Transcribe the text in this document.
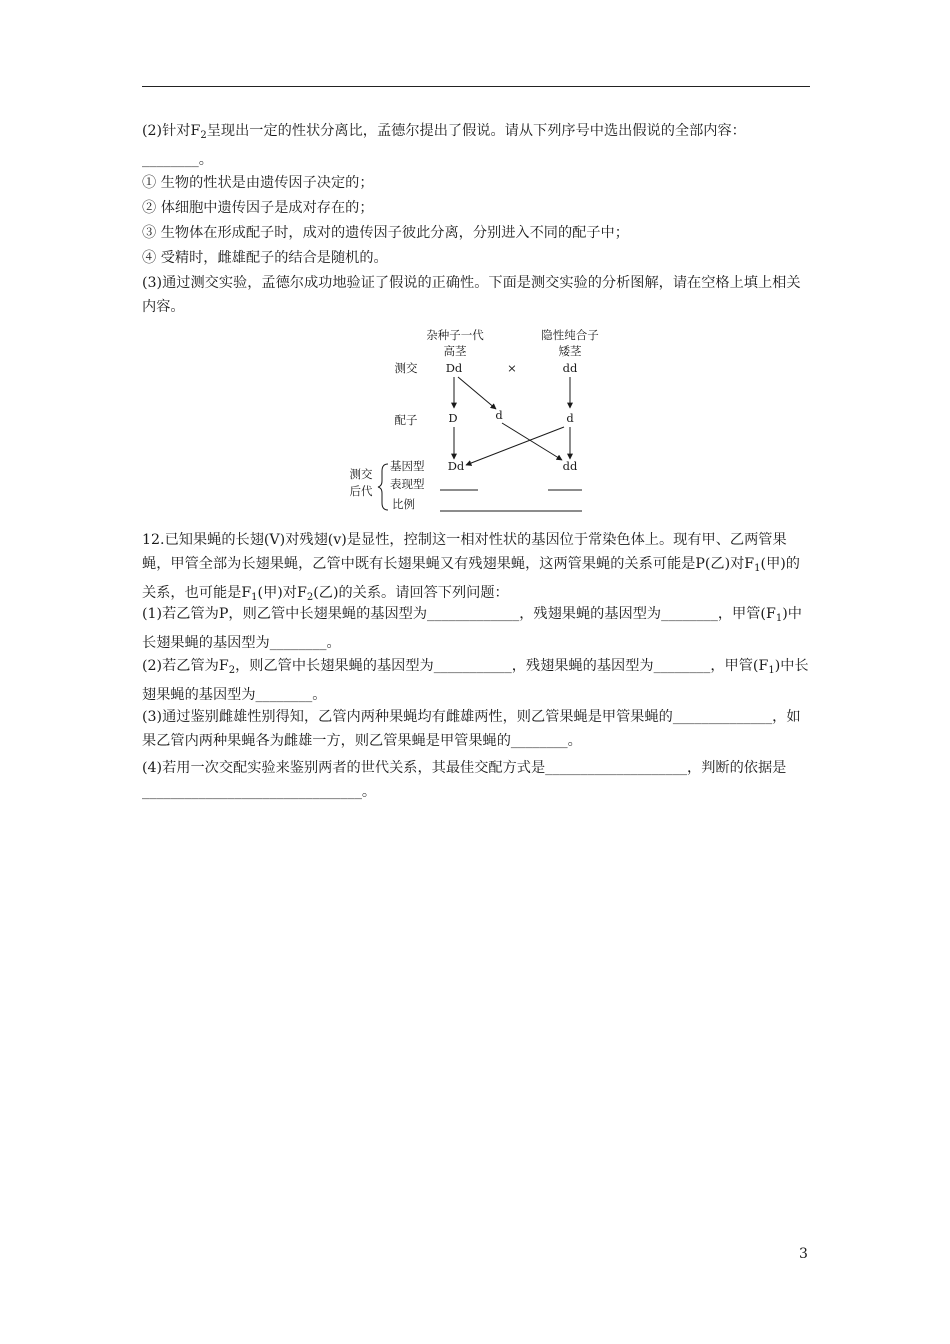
(2)针对$F_2$呈现出一定的性状分离比，孟德尔提出了假说。请从下列序号中选出假说的全部内容：________。

① 生物的性状是由遗传因子决定的；

② 体细胞中遗传因子是成对存在的；

③ 生物体在形成配子时，成对的遗传因子彼此分离，分别进入不同的配子中；

④ 受精时，雌雄配子的结合是随机的。

(3)通过测交实验，孟德尔成功地验证了假说的正确性。下面是测交实验的分析图解，请在空格上填上相关内容。

杂种子一代
高茎
隐性纯合子
矮茎
测交 Dd	×	dd
配子	D	d	d
测交
后代
基因型
表现型
比例
Dd	dd

12.已知果蝇的长翅(V)对残翅(v)是显性，控制这一相对性状的基因位于常染色体上。现有甲、乙两管果蝇，甲管全部为长翅果蝇，乙管中既有长翅果蝇又有残翅果蝇，这两管果蝇的关系可能是P(乙)对$F_1$(甲)的关系，也可能是$F_1$(甲)对$F_2$(乙)的关系。请回答下列问题：

(1)若乙管为P，则乙管中长翅果蝇的基因型为_____________，残翅果蝇的基因型为________，甲管$(F_1)$中长翅果蝇的基因型为________。

(2)若乙管为$F_2$，则乙管中长翅果蝇的基因型为___________，残翅果蝇的基因型为________，甲管$(F_1)$中长翅果蝇的基因型为________。

(3)通过鉴别雌雄性别得知，乙管内两种果蝇均有雌雄两性，则乙管果蝇是甲管果蝇的______________，如果乙管内两种果蝇各为雌雄一方，则乙管果蝇是甲管果蝇的________。

(4)若用一次交配实验来鉴别两者的世代关系，其最佳交配方式是____________________，判断的依据是_______________________________。

3
